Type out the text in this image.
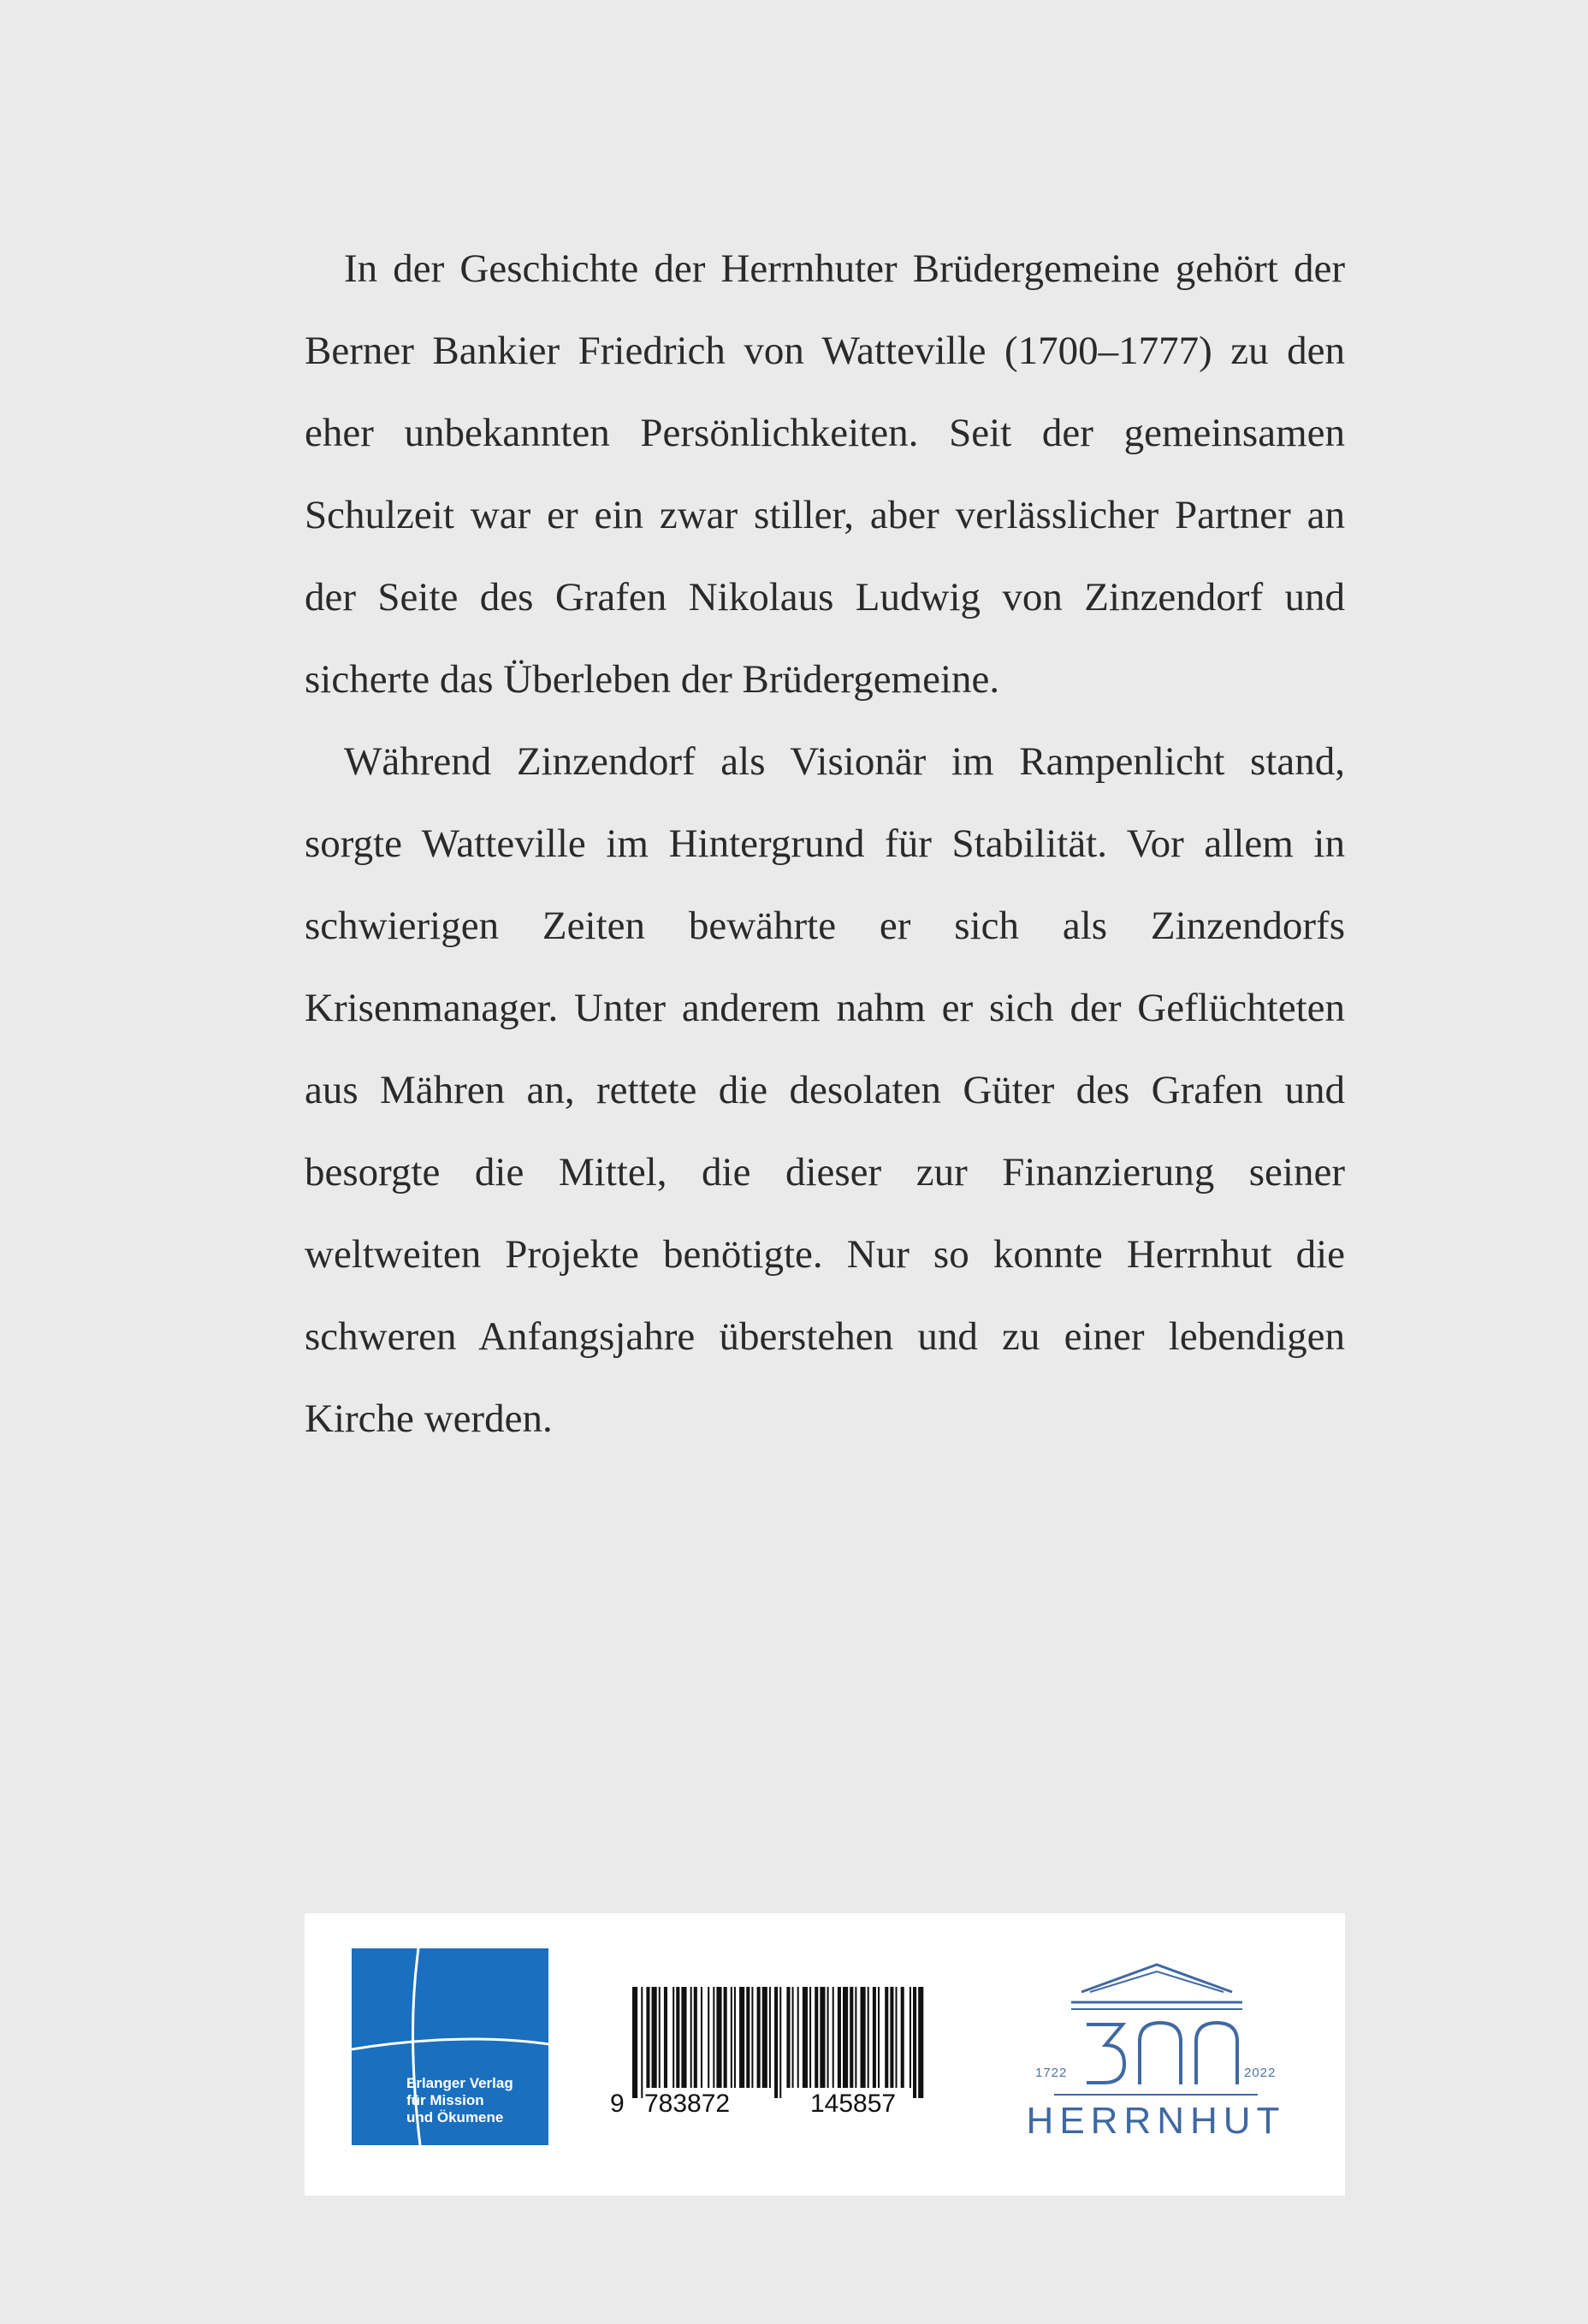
In der Geschichte der Herrnhuter Brüdergemeine gehört der Berner Bankier Friedrich von Watteville (1700–1777) zu den eher unbekannten Persönlichkeiten. Seit der gemeinsamen Schulzeit war er ein zwar stiller, aber verlässlicher Partner an der Seite des Grafen Nikolaus Ludwig von Zinzendorf und sicherte das Überleben der Brüdergemeine.

Während Zinzendorf als Visionär im Rampenlicht stand, sorgte Watteville im Hintergrund für Stabilität. Vor allem in schwierigen Zeiten bewährte er sich als Zinzendorfs Krisenmanager. Unter anderem nahm er sich der Geflüchteten aus Mähren an, rettete die desolaten Güter des Grafen und besorgte die Mittel, die dieser zur Finanzierung seiner weltweiten Projekte benötigte. Nur so konnte Herrnhut die schweren Anfangsjahre überstehen und zu einer lebendigen Kirche werden.

Erlanger Verlag
für Mission
und Ökumene	9 783872	145857
1722	2022
HERRNHUT
